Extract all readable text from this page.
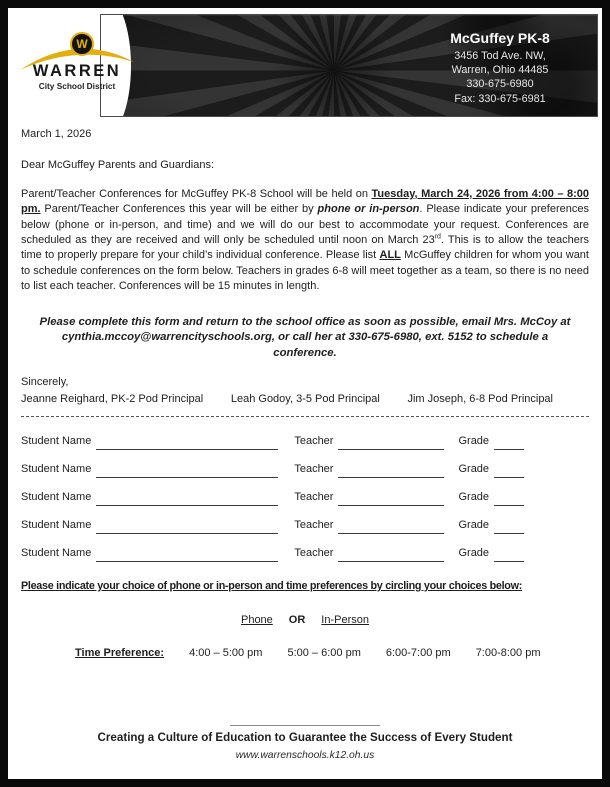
McGuffey PK-8
3456 Tod Ave. NW,
Warren, Ohio 44485
330-675-6980
Fax: 330-675-6981
W
WARREN
City School District
March 1, 2026
Dear McGuffey Parents and Guardians:
Parent/Teacher Conferences for McGuffey PK-8 School will be held on Tuesday, March 24, 2026 from 4:00 – 8:00 pm. Parent/Teacher Conferences this year will be either by phone or in-person. Please indicate your preferences below (phone or in-person, and time) and we will do our best to accommodate your request. Conferences are scheduled as they are received and will only be scheduled until noon on March 23rd. This is to allow the teachers time to properly prepare for your child’s individual conference. Please list ALL McGuffey children for whom you want to schedule conferences on the form below. Teachers in grades 6-8 will meet together as a team, so there is no need to list each teacher. Conferences will be 15 minutes in length.
Please complete this form and return to the school office as soon as possible, email Mrs. McCoy at cynthia.mccoy@warrencityschools.org, or call her at 330-675-6980, ext. 5152 to schedule a conference.
Sincerely,
Jeanne Reighard, PK-2 Pod Principal	Leah Godoy, 3-5 Pod Principal	Jim Joseph, 6-8 Pod Principal
Student Name	Teacher	Grade
Student Name	Teacher	Grade
Student Name	Teacher	Grade
Student Name	Teacher	Grade
Student Name	Teacher	Grade
Please indicate your choice of phone or in-person and time preferences by circling your choices below:
Phone OR In-Person
Time Preference: 4:00 – 5:00 pm 5:00 – 6:00 pm 6:00-7:00 pm 7:00-8:00 pm
Creating a Culture of Education to Guarantee the Success of Every Student
www.warrenschools.k12.oh.us
